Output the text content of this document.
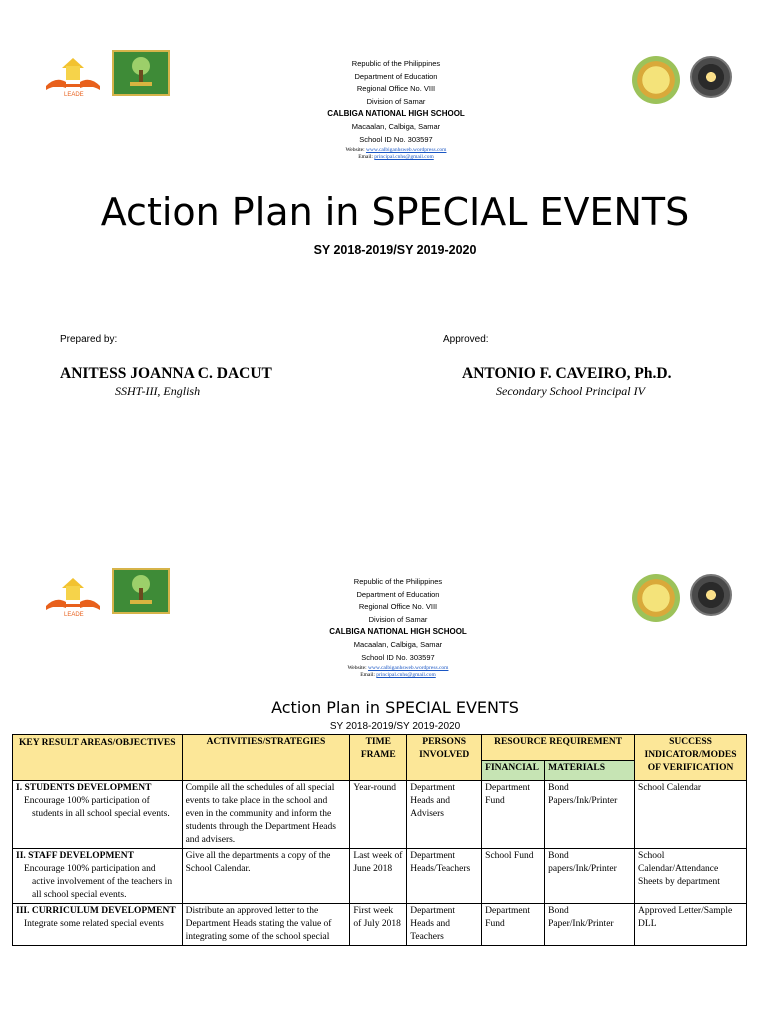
LEADE
Republic of the Philippines
Department of Education
Regional Office No. VIII
Division of Samar
CALBIGA NATIONAL HIGH SCHOOL
Macaalan, Calbiga, Samar
School ID No. 303597
Website: www.calbiganhsweb.wordpress.com
Email: principal.cnhs@gmail.com
Action Plan in SPECIAL EVENTS
SY 2018-2019/SY 2019-2020
Prepared by:	Approved:
ANITESS JOANNA C. DACUT
SSHT-III, English
ANTONIO F. CAVEIRO, Ph.D.
Secondary School Principal IV
LEADE
Republic of the Philippines
Department of Education
Regional Office No. VIII
Division of Samar
CALBIGA NATIONAL HIGH SCHOOL
Macaalan, Calbiga, Samar
School ID No. 303597
Website: www.calbiganhsweb.wordpress.com
Email: principal.cnhs@gmail.com
Action Plan in SPECIAL EVENTS
SY 2018-2019/SY 2019-2020
KEY RESULT AREAS/OBJECTIVES	ACTIVITIES/STRATEGIES	TIME FRAME	PERSONS INVOLVED	RESOURCE REQUIREMENT		SUCCESS INDICATOR/MODES OF VERIFICATION
				FINANCIAL	MATERIALS	

I. STUDENTS DEVELOPMENT
Encourage 100% participation of students in all school special events.	Compile all the schedules of all special events to take place in the school and even in the community and inform the students through the Department Heads and advisers.	Year-round	Department Heads and Advisers	Department Fund	Bond Papers/Ink/Printer	School Calendar

II. STAFF DEVELOPMENT
Encourage 100% participation and active involvement of the teachers in all school special events.	Give all the departments a copy of the School Calendar.	Last week of June 2018	Department Heads/Teachers	School Fund	Bond papers/Ink/Printer	School Calendar/Attendance Sheets by department

III. CURRICULUM DEVELOPMENT
Integrate some related special events	Distribute an approved letter to the Department Heads stating the value of integrating some of the school special	First week of July 2018	Department Heads and Teachers	Department Fund	Bond Paper/Ink/Printer	Approved Letter/Sample DLL
